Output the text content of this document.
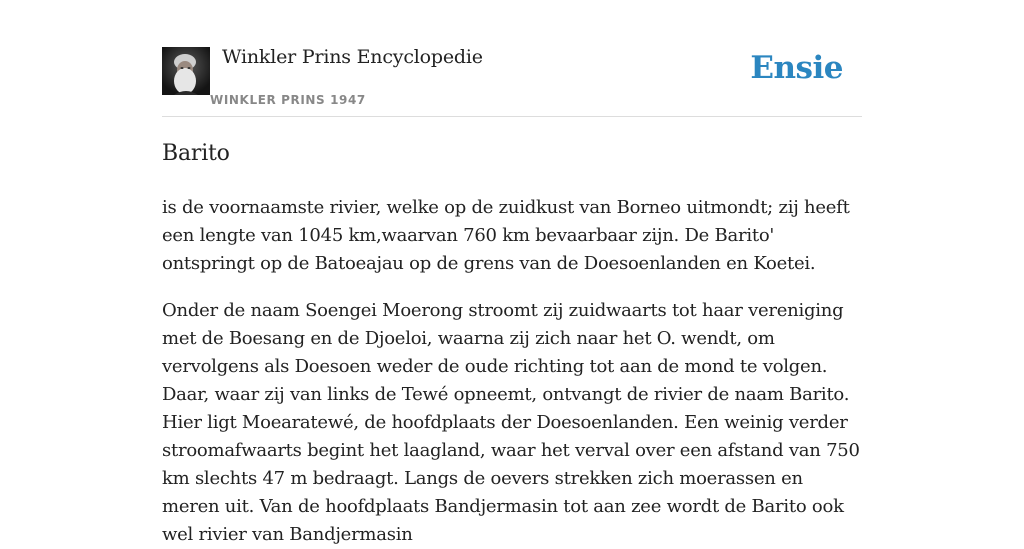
Winkler Prins Encyclopedie
WINKLER PRINS 1947
Ensie
Barito

is de voornaamste rivier, welke op de zuidkust van Borneo uitmondt; zij heeft een lengte van 1045 km,waarvan 760 km bevaarbaar zijn. De Barito' ontspringt op de Batoeajau op de grens van de Doesoenlanden en Koetei.

Onder de naam Soengei Moerong stroomt zij zuidwaarts tot haar vereniging met de Boesang en de Djoeloi, waarna zij zich naar het O. wendt, om vervolgens als Doesoen weder de oude richting tot aan de mond te volgen. Daar, waar zij van links de Tewé opneemt, ontvangt de rivier de naam Barito. Hier ligt Moearatewé, de hoofdplaats der Doesoenlanden. Een weinig verder stroomafwaarts begint het laagland, waar het verval over een afstand van 750 km slechts 47 m bedraagt. Langs de oevers strekken zich moerassen en meren uit. Van de hoofdplaats Bandjermasin tot aan zee wordt de Barito ook wel rivier van Bandjermasin
